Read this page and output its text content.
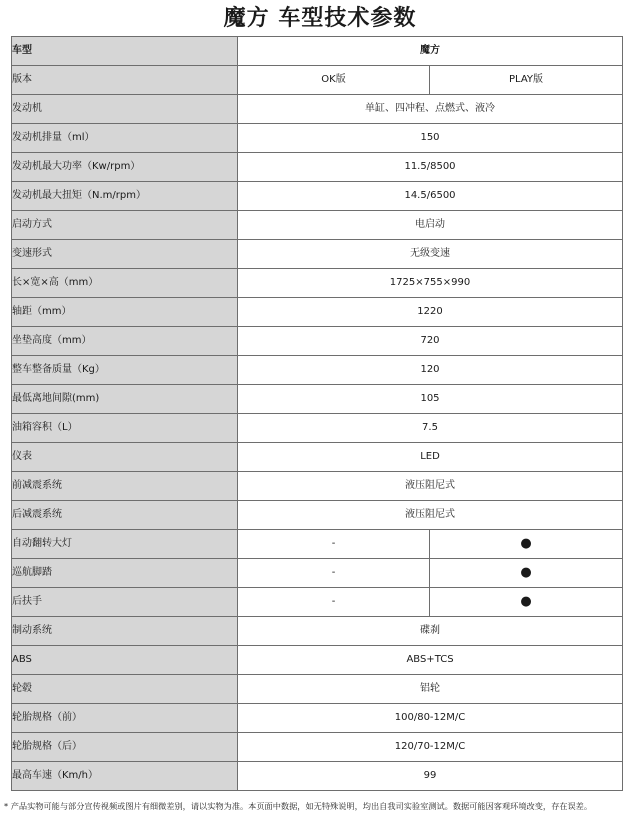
魔方 车型技术参数
车型	魔方	
版本	OK版	PLAY版
发动机	单缸、四冲程、点燃式、液冷	
发动机排量（ml）	150	
发动机最大功率（Kw/rpm）	11.5/8500	
发动机最大扭矩（N.m/rpm）	14.5/6500	
启动方式	电启动	
变速形式	无级变速	
长×宽×高（mm）	1725×755×990	
轴距（mm）	1220	
坐垫高度（mm）	720	
整车整备质量（Kg）	120	
最低离地间隙(mm)	105	
油箱容积（L）	7.5	
仪表	LED	
前减震系统	液压阻尼式	
后减震系统	液压阻尼式	
自动翻转大灯	-	●
巡航脚踏	-	●
后扶手	-	●
制动系统	碟刹	
ABS	ABS+TCS	
轮毂	铝轮	
轮胎规格（前）	100/80-12M/C	
轮胎规格（后）	120/70-12M/C	
最高车速（Km/h）	99	
* 产品实物可能与部分宣传视频或图片有细微差别，请以实物为准。本页面中数据，如无特殊说明，均出自我司实验室测试。数据可能因客观环境改变，存在误差。
